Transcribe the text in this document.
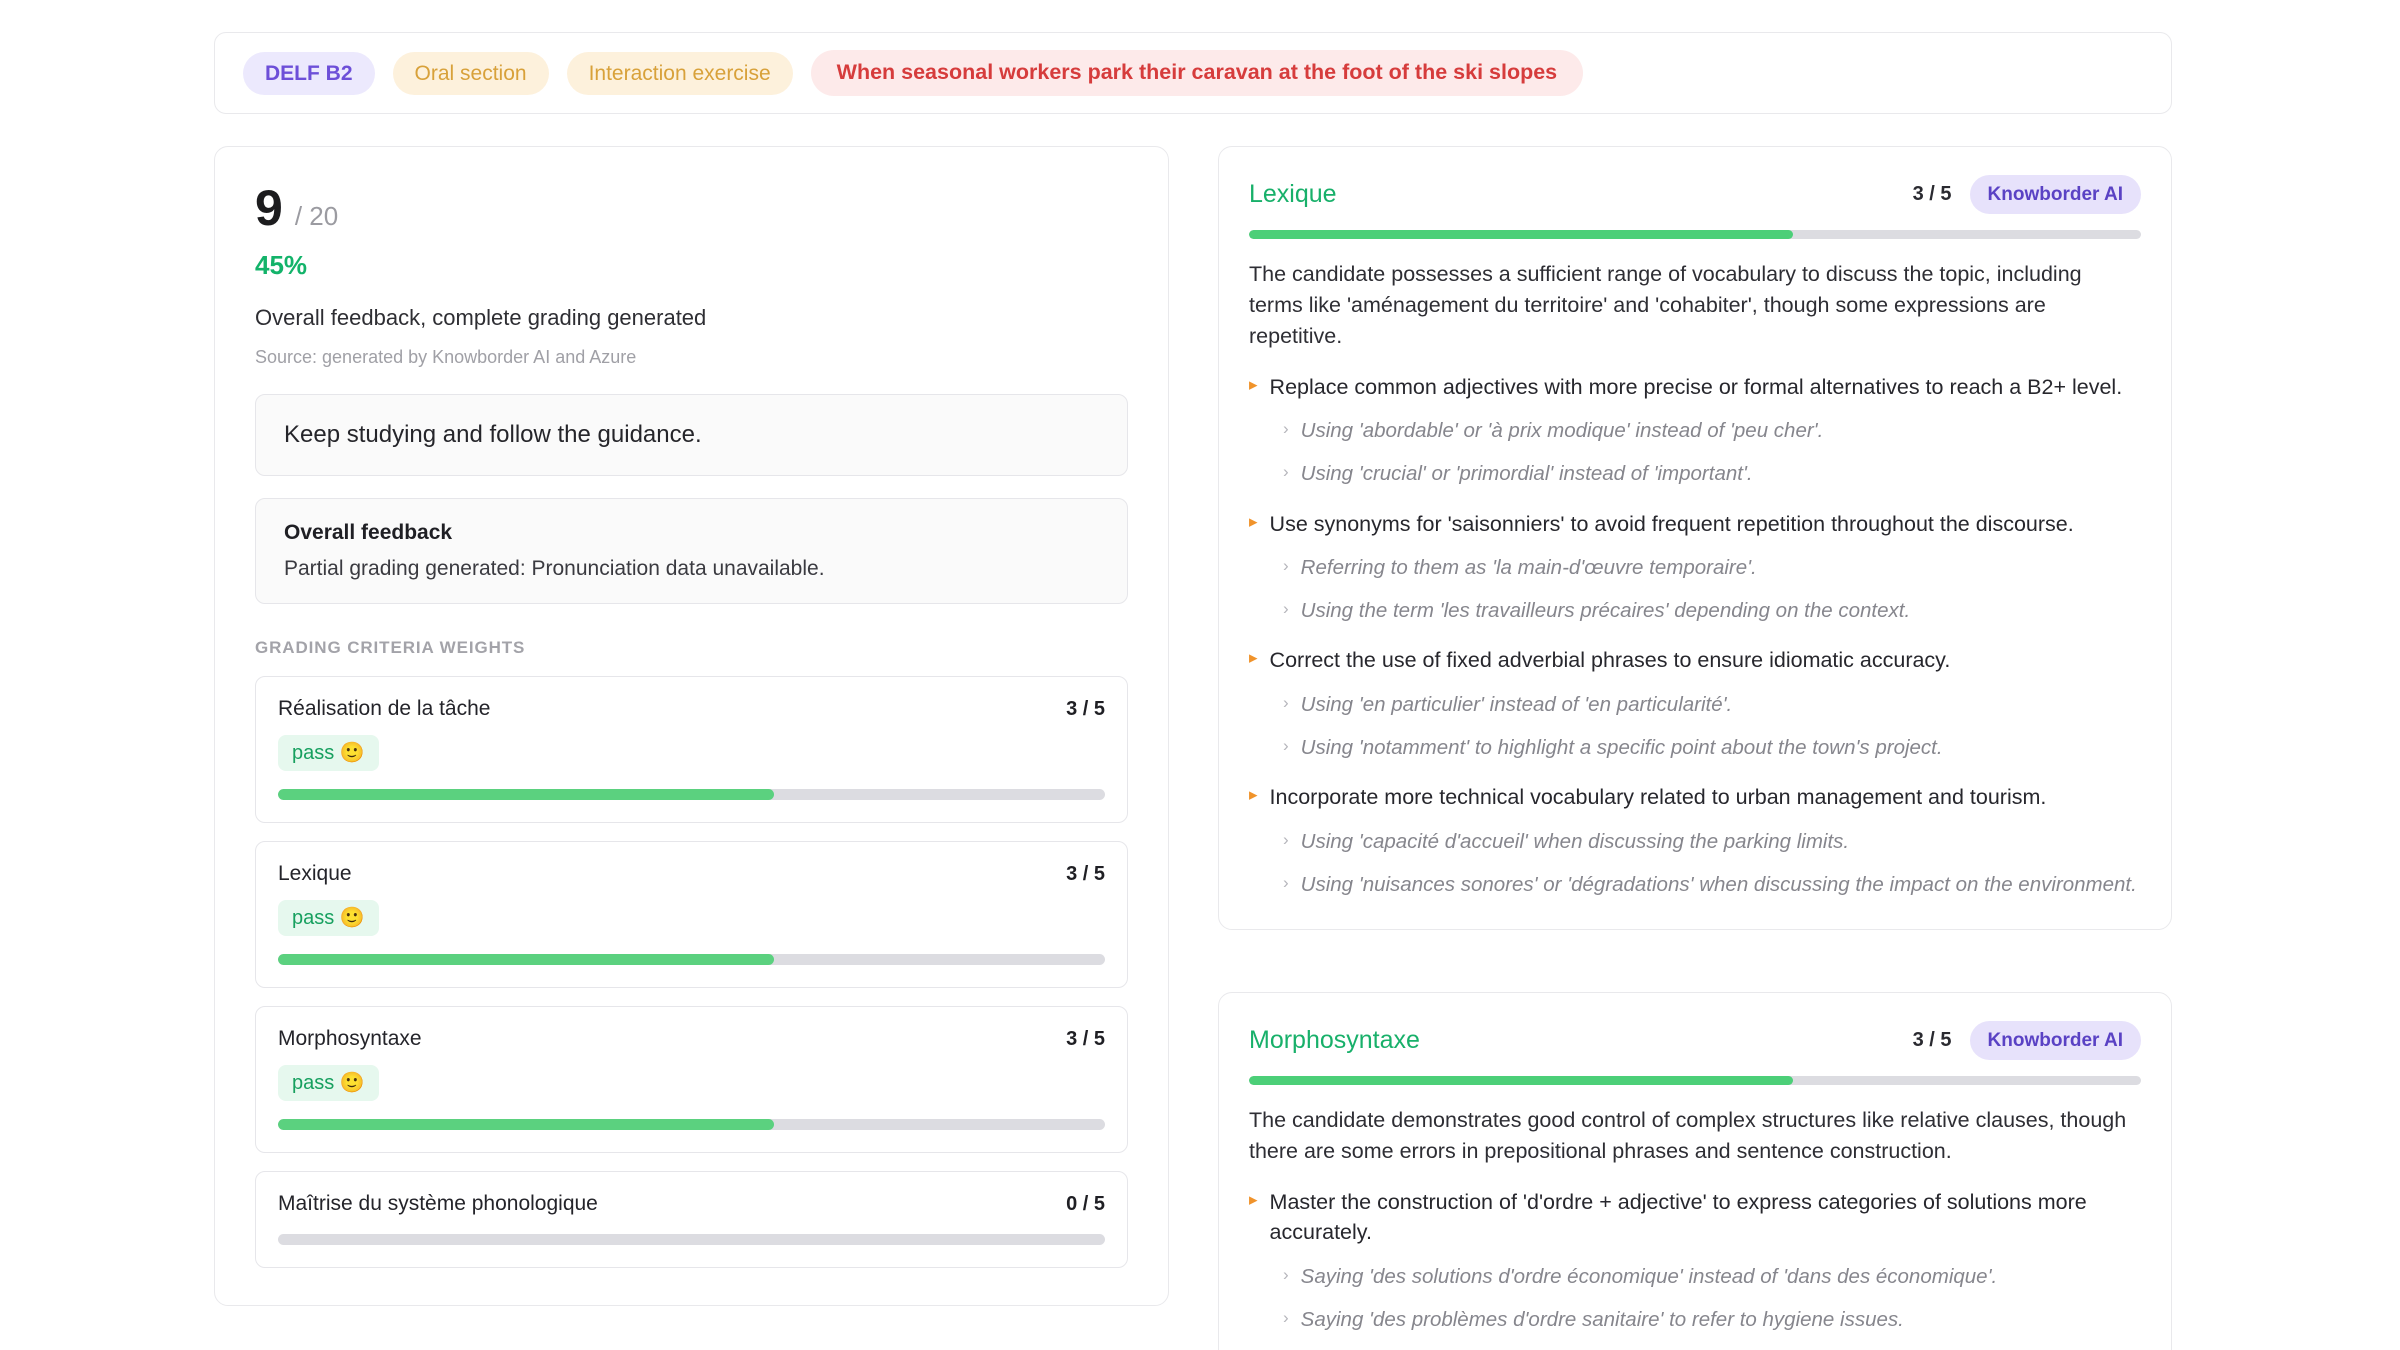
DELF B2	Oral section	Interaction exercise	When seasonal workers park their caravan at the foot of the ski slopes
9 / 20
45%
Overall feedback, complete grading generated
Source: generated by Knowborder AI and Azure
Keep studying and follow the guidance.
Overall feedback
Partial grading generated: Pronunciation data unavailable.
GRADING CRITERIA WEIGHTS
Réalisation de la tâche	3 / 5
pass 🙂
Lexique	3 / 5
pass 🙂
Morphosyntaxe	3 / 5
pass 🙂
Maîtrise du système phonologique	0 / 5
Lexique	3 / 5	Knowborder AI
The candidate possesses a sufficient range of vocabulary to discuss the topic, including terms like 'aménagement du territoire' and 'cohabiter', though some expressions are repetitive.
▸ Replace common adjectives with more precise or formal alternatives to reach a B2+ level.
› Using 'abordable' or 'à prix modique' instead of 'peu cher'.
› Using 'crucial' or 'primordial' instead of 'important'.
▸ Use synonyms for 'saisonniers' to avoid frequent repetition throughout the discourse.
› Referring to them as 'la main-d'œuvre temporaire'.
› Using the term 'les travailleurs précaires' depending on the context.
▸ Correct the use of fixed adverbial phrases to ensure idiomatic accuracy.
› Using 'en particulier' instead of 'en particularité'.
› Using 'notamment' to highlight a specific point about the town's project.
▸ Incorporate more technical vocabulary related to urban management and tourism.
› Using 'capacité d'accueil' when discussing the parking limits.
› Using 'nuisances sonores' or 'dégradations' when discussing the impact on the environment.
Morphosyntaxe	3 / 5	Knowborder AI
The candidate demonstrates good control of complex structures like relative clauses, though there are some errors in prepositional phrases and sentence construction.
▸ Master the construction of 'd'ordre + adjective' to express categories of solutions more accurately.
› Saying 'des solutions d'ordre économique' instead of 'dans des économique'.
› Saying 'des problèmes d'ordre sanitaire' to refer to hygiene issues.
